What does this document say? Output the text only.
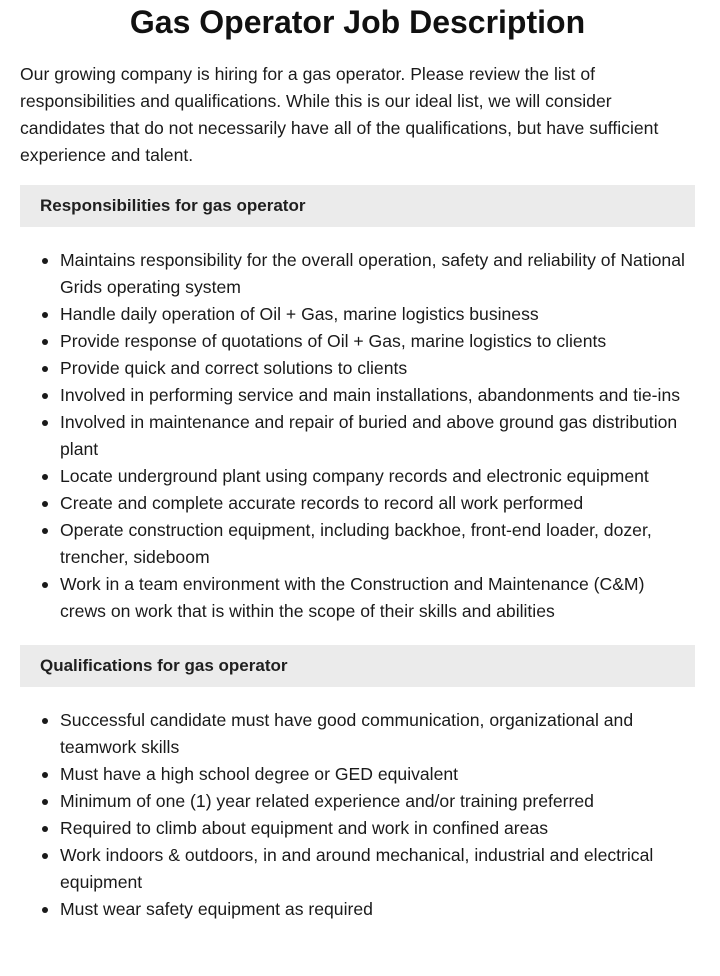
Gas Operator Job Description

Our growing company is hiring for a gas operator. Please review the list of responsibilities and qualifications. While this is our ideal list, we will consider candidates that do not necessarily have all of the qualifications, but have sufficient experience and talent.

Responsibilities for gas operator
Maintains responsibility for the overall operation, safety and reliability of National Grids operating system
Handle daily operation of Oil + Gas, marine logistics business
Provide response of quotations of Oil + Gas, marine logistics to clients
Provide quick and correct solutions to clients
Involved in performing service and main installations, abandonments and tie-ins
Involved in maintenance and repair of buried and above ground gas distribution plant
Locate underground plant using company records and electronic equipment
Create and complete accurate records to record all work performed
Operate construction equipment, including backhoe, front-end loader, dozer, trencher, sideboom
Work in a team environment with the Construction and Maintenance (C&M) crews on work that is within the scope of their skills and abilities
Qualifications for gas operator
Successful candidate must have good communication, organizational and teamwork skills
Must have a high school degree or GED equivalent
Minimum of one (1) year related experience and/or training preferred
Required to climb about equipment and work in confined areas
Work indoors & outdoors, in and around mechanical, industrial and electrical equipment
Must wear safety equipment as required
